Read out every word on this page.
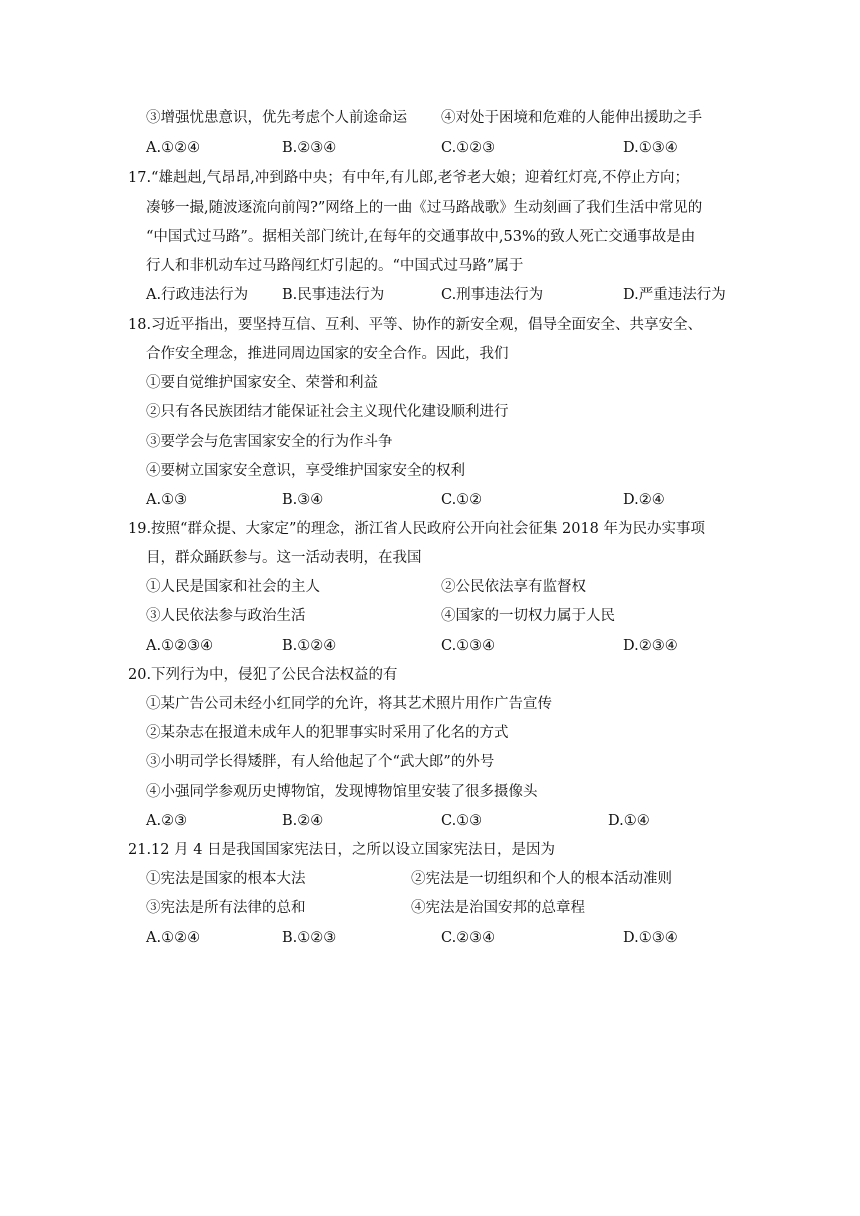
③增强忧患意识，优先考虑个人前途命运 ④对处于困境和危难的人能伸出援助之手
A.①②④	B.②③④	C.①②③	D.①③④
17.“雄赳赳,气昂昂,冲到路中央；有中年,有儿郎,老爷老大娘；迎着红灯亮,不停止方向；
凑够一撮,随波逐流向前闯?”网络上的一曲《过马路战歌》生动刻画了我们生活中常见的
“中国式过马路”。据相关部门统计,在每年的交通事故中,53%的致人死亡交通事故是由
行人和非机动车过马路闯红灯引起的。“中国式过马路”属于
A.行政违法行为 B.民事违法行为	C.刑事违法行为	D.严重违法行为
18.习近平指出，要坚持互信、互利、平等、协作的新安全观，倡导全面安全、共享安全、
合作安全理念，推进同周边国家的安全合作。因此，我们
①要自觉维护国家安全、荣誉和利益
②只有各民族团结才能保证社会主义现代化建设顺利进行
③要学会与危害国家安全的行为作斗争
④要树立国家安全意识，享受维护国家安全的权利
A.①③	B.③④	C.①②	D.②④
19.按照“群众提、大家定”的理念，浙江省人民政府公开向社会征集 2018 年为民办实事项
目，群众踊跃参与。这一活动表明，在我国
①人民是国家和社会的主人	②公民依法享有监督权
③人民依法参与政治生活	④国家的一切权力属于人民
A.①②③④	B.①②④	C.①③④	D.②③④
20.下列行为中，侵犯了公民合法权益的有
①某广告公司未经小红同学的允许，将其艺术照片用作广告宣传
②某杂志在报道未成年人的犯罪事实时采用了化名的方式
③小明司学长得矮胖，有人给他起了个“武大郎”的外号
④小强同学参观历史博物馆，发现博物馆里安装了很多摄像头
A.②③	B.②④	C.①③	D.①④
21.12 月 4 日是我国国家宪法日，之所以设立国家宪法日，是因为
①宪法是国家的根本大法	②宪法是一切组织和个人的根本活动准则
③宪法是所有法律的总和	④宪法是治国安邦的总章程
A.①②④	B.①②③	C.②③④	D.①③④
